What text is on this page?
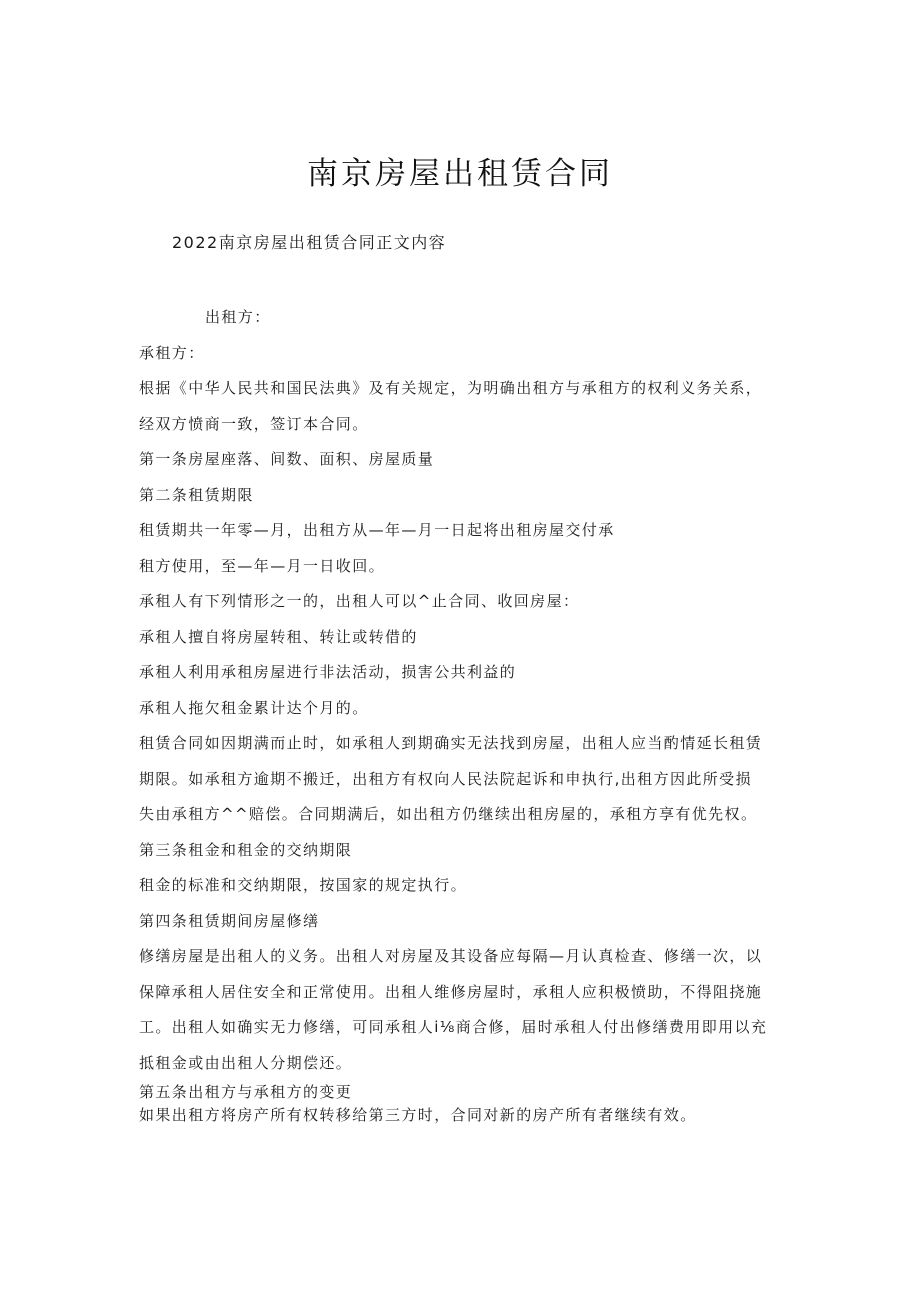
南京房屋出租赁合同

2022南京房屋出租赁合同正文内容

出租方：

承租方：

根据《中华人民共和国民法典》及有关规定，为明确出租方与承租方的权利义务关系，

经双方愤商一致，签订本合同。

第一条房屋座落、间数、面积、房屋质量

第二条租赁期限

租赁期共一年零—月，出租方从—年—月一日起将出租房屋交付承

租方使用，至—年—月一日收回。

承租人有下列情形之一的，出租人可以^止合同、收回房屋：

承租人擅自将房屋转租、转让或转借的

承租人利用承租房屋进行非法活动，损害公共利益的

承租人拖欠租金累计达个月的。

租赁合同如因期满而止时，如承租人到期确实无法找到房屋，出租人应当酌情延长租赁

期限。如承租方逾期不搬迁，出租方有权向人民法院起诉和申执行,出租方因此所受损

失由承租方^^赔偿。合同期满后，如出租方仍继续出租房屋的，承租方享有优先权。

第三条租金和租金的交纳期限

租金的标准和交纳期限，按国家的规定执行。

第四条租赁期间房屋修缮

修缮房屋是出租人的义务。出租人对房屋及其设备应每隔—月认真检查、修缮一次，以

保障承租人居住安全和正常使用。出租人维修房屋时，承租人应积极愤助，不得阻挠施

工。出租人如确实无力修缮，可同承租人i⅛商合修，届时承租人付出修缮费用即用以充

抵租金或由出租人分期偿还。

第五条出租方与承租方的变更

如果出租方将房产所有权转移给第三方时，合同对新的房产所有者继续有效。
